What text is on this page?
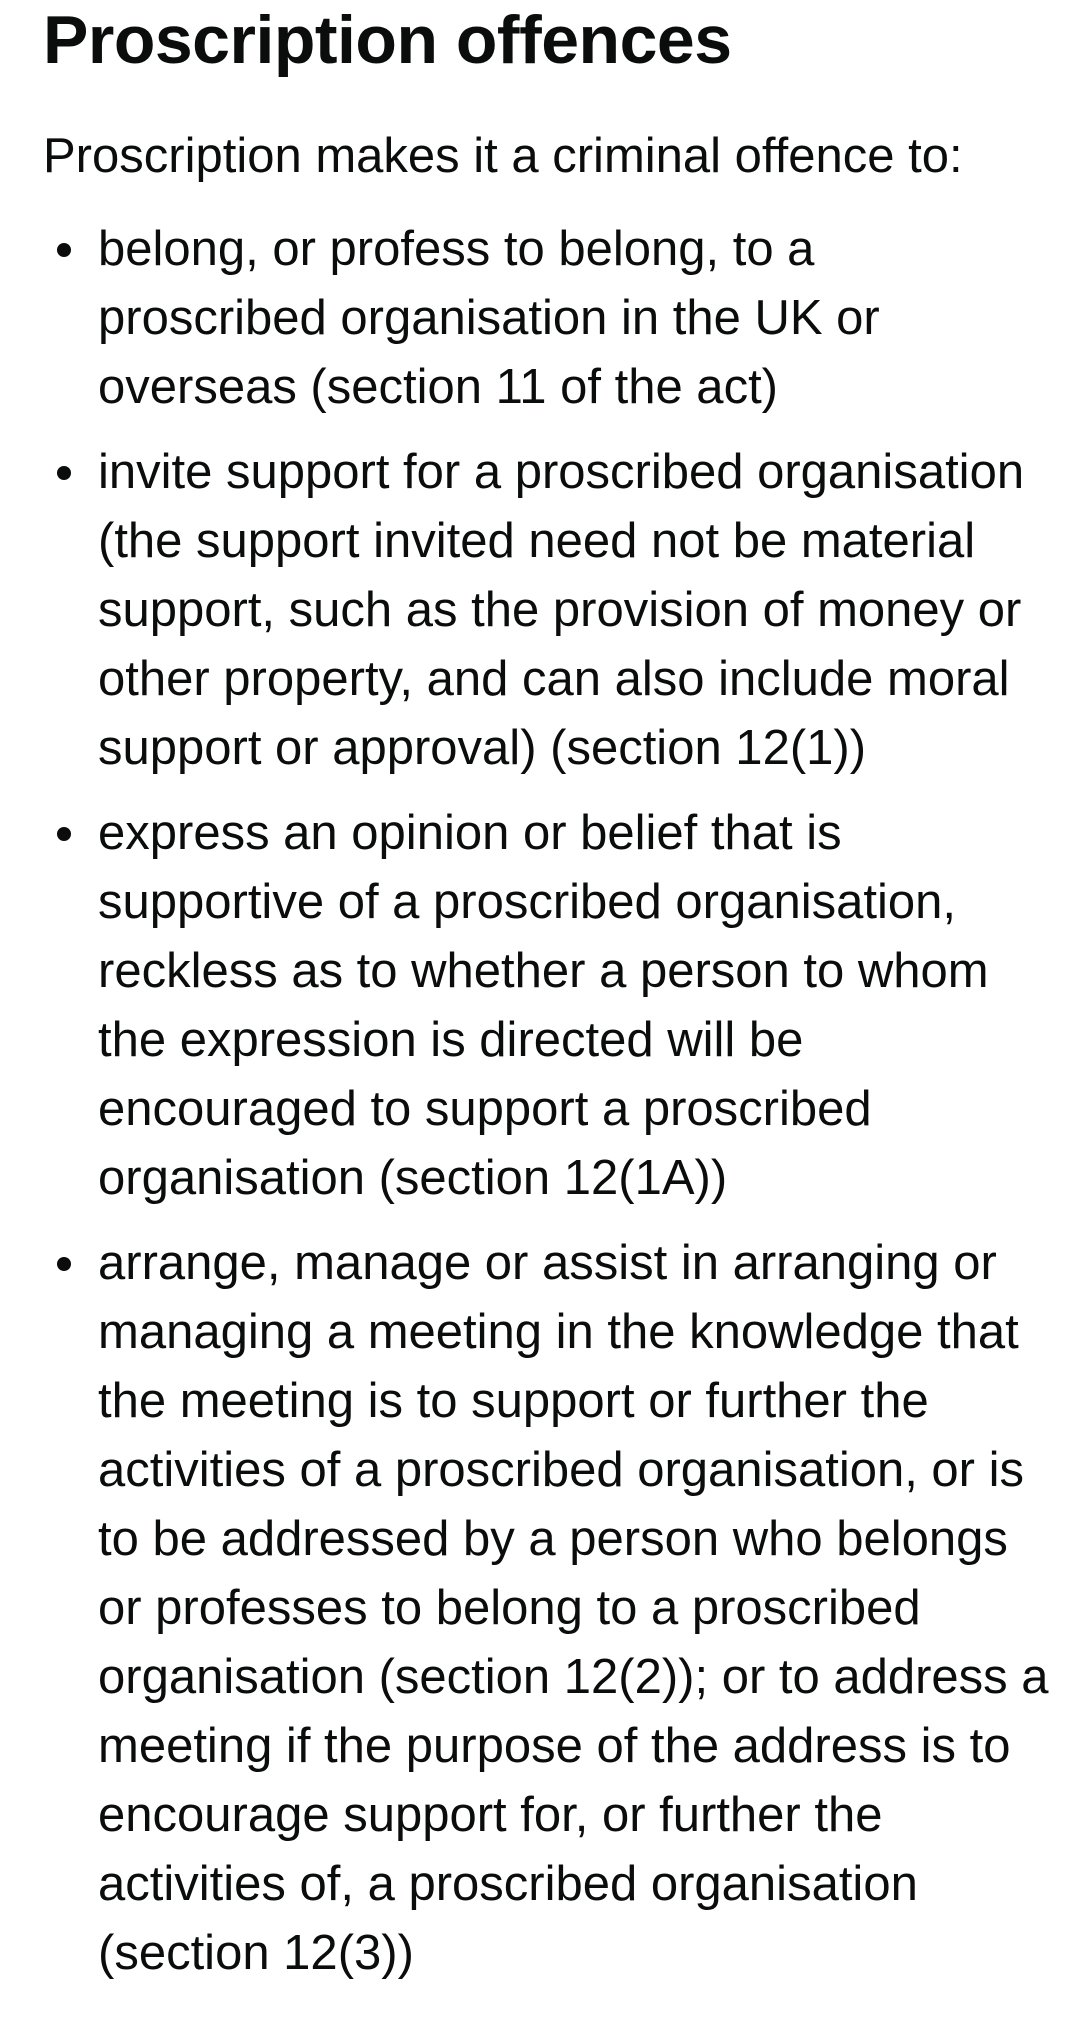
Proscription offences

Proscription makes it a criminal offence to:

belong, or profess to belong, to a proscribed organisation in the UK or overseas (section 11 of the act)
invite support for a proscribed organisation (the support invited need not be material support, such as the provision of money or other property, and can also include moral support or approval) (section 12(1))
express an opinion or belief that is supportive of a proscribed organisation, reckless as to whether a person to whom the expression is directed will be encouraged to support a proscribed organisation (section 12(1A))
arrange, manage or assist in arranging or managing a meeting in the knowledge that the meeting is to support or further the activities of a proscribed organisation, or is to be addressed by a person who belongs or professes to belong to a proscribed organisation (section 12(2)); or to address a meeting if the purpose of the address is to encourage support for, or further the activities of, a proscribed organisation (section 12(3))
